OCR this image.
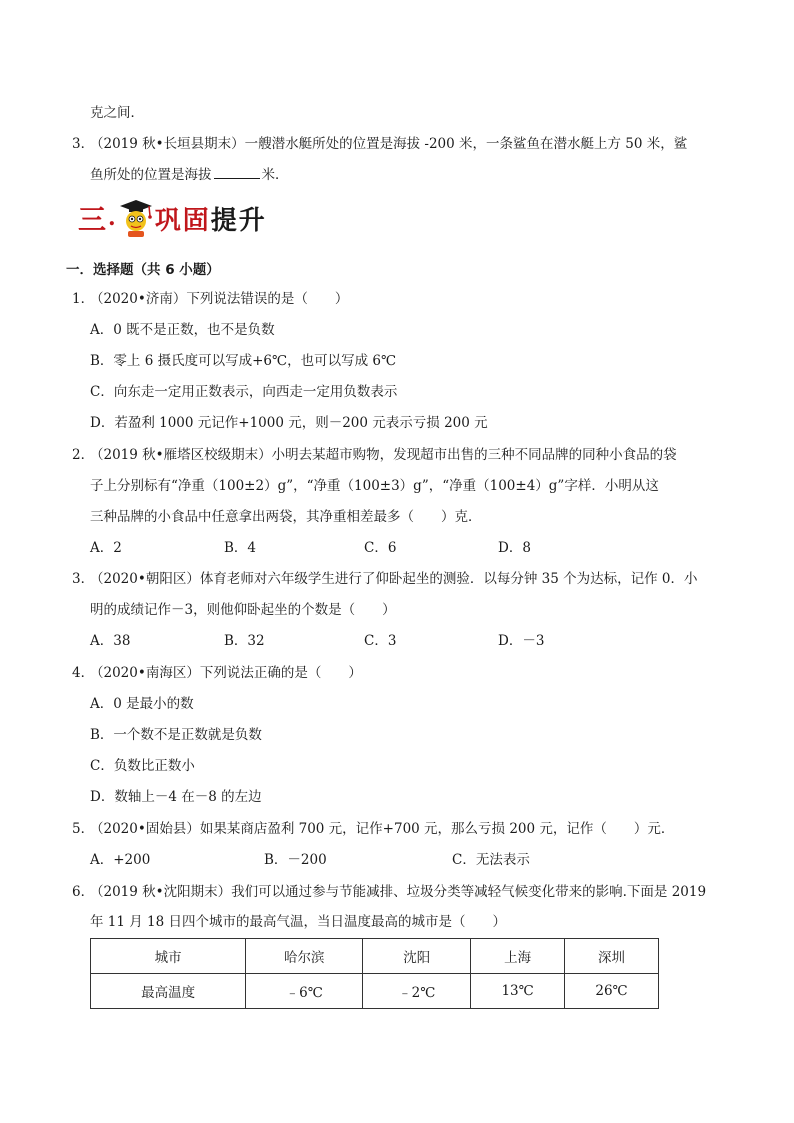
克之间．
3．
（2019 秋•长垣县期末）一艘潜水艇所处的位置是海拔 -200 米，一条鲨鱼在潜水艇上方 50 米，鲨
鱼所处的位置是海拔	米．
三 . 巩固 提升
一．选择题（共 6 小题）
1．
（2020•济南）下列说法错误的是（　　）
A．0 既不是正数，也不是负数
B．零上 6 摄氏度可以写成+6℃，也可以写成 6℃
C．向东走一定用正数表示，向西走一定用负数表示
D．若盈利 1000 元记作+1000 元，则－200 元表示亏损 200 元
2．
（2019 秋•雁塔区校级期末）小明去某超市购物，发现超市出售的三种不同品牌的同种小食品的袋
子上分别标有“净重（100±2）g”，“净重（100±3）g”，“净重（100±4）g”字样．小明从这
三种品牌的小食品中任意拿出两袋，其净重相差最多（　　）克．
A．2	B．4	C．6	D．8
3．
（2020•朝阳区）体育老师对六年级学生进行了仰卧起坐的测验．以每分钟 35 个为达标，记作 0．小
明的成绩记作－3，则他仰卧起坐的个数是（　　）
A．38	B．32	C．3	D．－3
4．
（2020•南海区）下列说法正确的是（　　）
A．0 是最小的数
B．一个数不是正数就是负数
C．负数比正数小
D．数轴上－4 在－8 的左边
5．
（2020•固始县）如果某商店盈利 700 元，记作+700 元，那么亏损 200 元，记作（　　）元．
A．+200	B．－200	C．无法表示
6．
（2019 秋•沈阳期末）我们可以通过参与节能减排、垃圾分类等减轻气候变化带来的影响.下面是 2019
年 11 月 18 日四个城市的最高气温，当日温度最高的城市是（　　）
城市	哈尔滨	沈阳	上海	深圳
最高温度	﹣6℃	﹣2℃	13℃	26℃
